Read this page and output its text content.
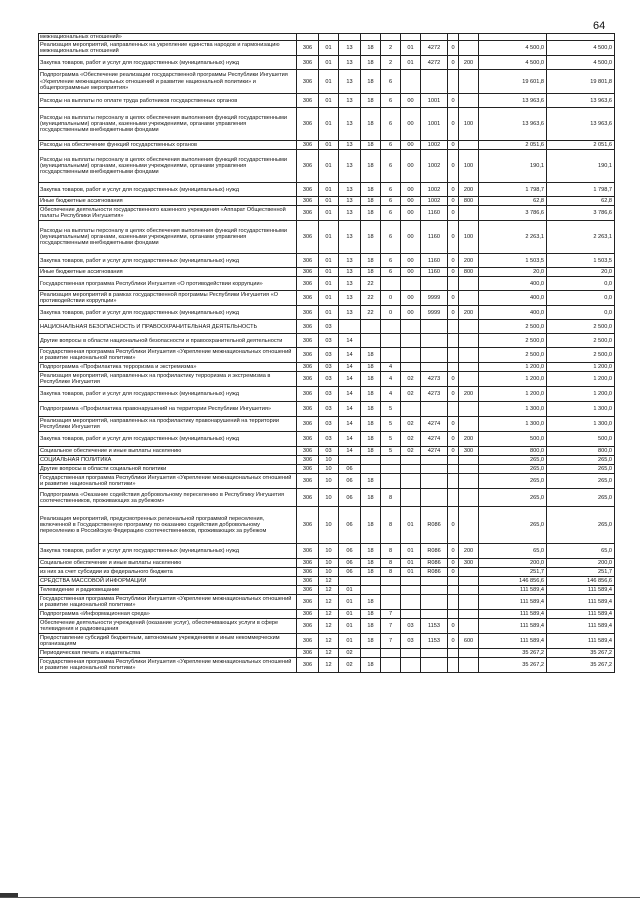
64
межнациональных отношений»											
Реализация мероприятий, направленных на укрепление единства народов и гармонизацию межнациональных отношений	306	01	13	18	2	01	4272	0		4 500,0	4 500,0
Закупка товаров, работ и услуг для государственных (муниципальных) нужд	306	01	13	18	2	01	4272	0	200	4 500,0	4 500,0
Подпрограмма «Обеспечение реализации государственной программы Республики Ингушетия «Укрепление межнациональных отношений и развитие национальной политики» и общепрограммные мероприятия»	306	01	13	18	6					19 601,8	19 801,8
Расходы на выплаты по оплате труда работников государственных органов	306	01	13	18	6	00	1001	0		13 963,6	13 963,6
Расходы на выплаты персоналу в целях обеспечения выполнения функций государственными (муниципальными) органами, казенными учреждениями, органами управления государственными внебюджетными фондами	306	01	13	18	6	00	1001	0	100	13 963,6	13 963,6
Расходы на обеспечение функций государственных органов	306	01	13	18	6	00	1002	0		2 051,6	2 051,6
Расходы на выплаты персоналу в целях обеспечения выполнения функций государственными (муниципальными) органами, казенными учреждениями, органами управления государственными внебюджетными фондами	306	01	13	18	6	00	1002	0	100	190,1	190,1
Закупка товаров, работ и услуг для государственных (муниципальных) нужд	306	01	13	18	6	00	1002	0	200	1 798,7	1 798,7
Иные бюджетные ассигнования	306	01	13	18	6	00	1002	0	800	62,8	62,8
Обеспечение деятельности государственного казенного учреждения «Аппарат Общественной палаты Республики Ингушетия»	306	01	13	18	6	00	1160	0		3 786,6	3 786,6
Расходы на выплаты персоналу в целях обеспечения выполнения функций государственными (муниципальными) органами, казенными учреждениями, органами управления государственными внебюджетными фондами	306	01	13	18	6	00	1160	0	100	2 263,1	2 263,1
Закупка товаров, работ и услуг для государственных (муниципальных) нужд	306	01	13	18	6	00	1160	0	200	1 503,5	1 503,5
Иные бюджетные ассигнования	306	01	13	18	6	00	1160	0	800	20,0	20,0
Государственная программа Республики Ингушетия «О противодействии коррупции»	306	01	13	22						400,0	0,0
Реализация мероприятий в рамках государственной программы Республики Ингушетия «О противодействии коррупции»	306	01	13	22	0	00	9999	0		400,0	0,0
Закупка товаров, работ и услуг для государственных (муниципальных) нужд	306	01	13	22	0	00	9999	0	200	400,0	0,0
НАЦИОНАЛЬНАЯ БЕЗОПАСНОСТЬ И ПРАВООХРАНИТЕЛЬНАЯ ДЕЯТЕЛЬНОСТЬ	306	03								2 500,0	2 500,0
Другие вопросы в области национальной безопасности и правоохранительной деятельности	306	03	14							2 500,0	2 500,0
Государственная программа Республики Ингушетия «Укрепление межнациональных отношений и развитие национальной политики»	306	03	14	18						2 500,0	2 500,0
Подпрограмма «Профилактика терроризма и экстремизма»	306	03	14	18	4					1 200,0	1 200,0
Реализация мероприятий, направленных на профилактику терроризма и экстремизма в Республике Ингушетия	306	03	14	18	4	02	4273	0		1 200,0	1 200,0
Закупка товаров, работ и услуг для государственных (муниципальных) нужд	306	03	14	18	4	02	4273	0	200	1 200,0	1 200,0
Подпрограмма «Профилактика правонарушений на территории Республики Ингушетия»	306	03	14	18	5					1 300,0	1 300,0
Реализация мероприятий, направленных на профилактику правонарушений на территории Республики Ингушетия	306	03	14	18	5	02	4274	0		1 300,0	1 300,0
Закупка товаров, работ и услуг для государственных (муниципальных) нужд	306	03	14	18	5	02	4274	0	200	500,0	500,0
Социальное обеспечение и иные выплаты населению	306	03	14	18	5	02	4274	0	300	800,0	800,0
СОЦИАЛЬНАЯ ПОЛИТИКА	306	10								265,0	265,0
Другие вопросы в области социальной политики	306	10	06							265,0	265,0
Государственная программа Республики Ингушетия «Укрепление межнациональных отношений и развитие национальной политики»	306	10	06	18						265,0	265,0
Подпрограмма «Оказание содействия добровольному переселению в Республику Ингушетия соотечественников, проживающих за рубежом»	306	10	06	18	8					265,0	265,0
Реализация мероприятий, предусмотренных региональной программой переселения, включенной в Государственную программу по оказанию содействия добровольному переселению в Российскую Федерацию соотечественников, проживающих за рубежом	306	10	06	18	8	01	R086	0		265,0	265,0
Закупка товаров, работ и услуг для государственных (муниципальных) нужд	306	10	06	18	8	01	R086	0	200	65,0	65,0
Социальное обеспечение и иные выплаты населению	306	10	06	18	8	01	R086	0	300	200,0	200,0
из них за счет субсидии из федерального бюджета	306	10	06	18	8	01	R086	0		251,7	251,7
СРЕДСТВА МАССОВОЙ ИНФОРМАЦИИ	306	12								146 856,6	146 856,6
Телевидение и радиовещание	306	12	01							111 589,4	111 589,4
Государственная программа Республики Ингушетия «Укрепление межнациональных отношений и развитие национальной политики»	306	12	01	18						111 589,4	111 589,4
Подпрограмма «Информационная среда»	306	12	01	18	7					111 589,4	111 589,4
Обеспечение деятельности учреждений (оказание услуг), обеспечивающих услуги в сфере телевидения и радиовещания	306	12	01	18	7	03	1153	0		111 589,4	111 589,4
Предоставление субсидий бюджетным, автономным учреждениям и иным некоммерческим организациям	306	12	01	18	7	03	1153	0	600	111 589,4	111 589,4
Периодическая печать и издательства	306	12	02							35 267,2	35 267,2
Государственная программа Республики Ингушетия «Укрепление межнациональных отношений и развитие национальной политики»	306	12	02	18						35 267,2	35 267,2
